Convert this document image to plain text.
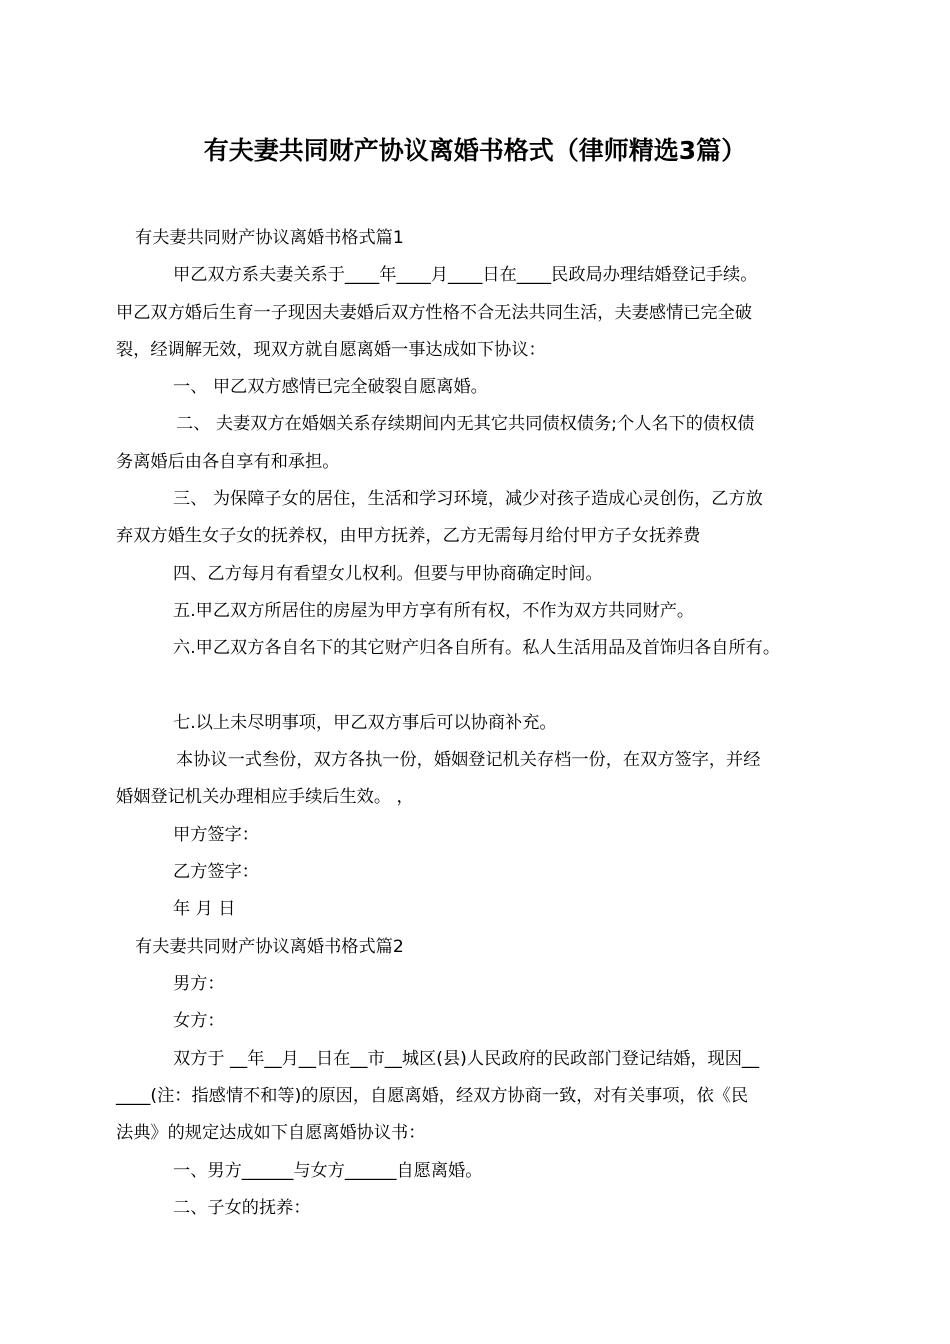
有夫妻共同财产协议离婚书格式（律师精选3篇）
有夫妻共同财产协议离婚书格式篇1
甲乙双方系夫妻关系于____年____月____日在____民政局办理结婚登记手续。
甲乙双方婚后生育一子现因夫妻婚后双方性格不合无法共同生活，夫妻感情已完全破
裂，经调解无效，现双方就自愿离婚一事达成如下协议：
一、 甲乙双方感情已完全破裂自愿离婚。
二、 夫妻双方在婚姻关系存续期间内无其它共同债权债务;个人名下的债权债
务离婚后由各自享有和承担。
三、 为保障子女的居住，生活和学习环境，减少对孩子造成心灵创伤，乙方放
弃双方婚生女子女的抚养权，由甲方抚养，乙方无需每月给付甲方子女抚养费
四、乙方每月有看望女儿权利。但要与甲协商确定时间。
五.甲乙双方所居住的房屋为甲方享有所有权，不作为双方共同财产。
六.甲乙双方各自名下的其它财产归各自所有。私人生活用品及首饰归各自所有。
七.以上未尽明事项，甲乙双方事后可以协商补充。
本协议一式叁份，双方各执一份，婚姻登记机关存档一份，在双方签字，并经
婚姻登记机关办理相应手续后生效。 ，
甲方签字：
乙方签字：
年 月 日
有夫妻共同财产协议离婚书格式篇2
男方：
女方：
双方于 __年__月__日在__市__城区(县)人民政府的民政部门登记结婚，现因__
____(注：指感情不和等)的原因，自愿离婚，经双方协商一致，对有关事项，依《民
法典》的规定达成如下自愿离婚协议书：
一、男方______与女方______自愿离婚。
二、子女的抚养：
